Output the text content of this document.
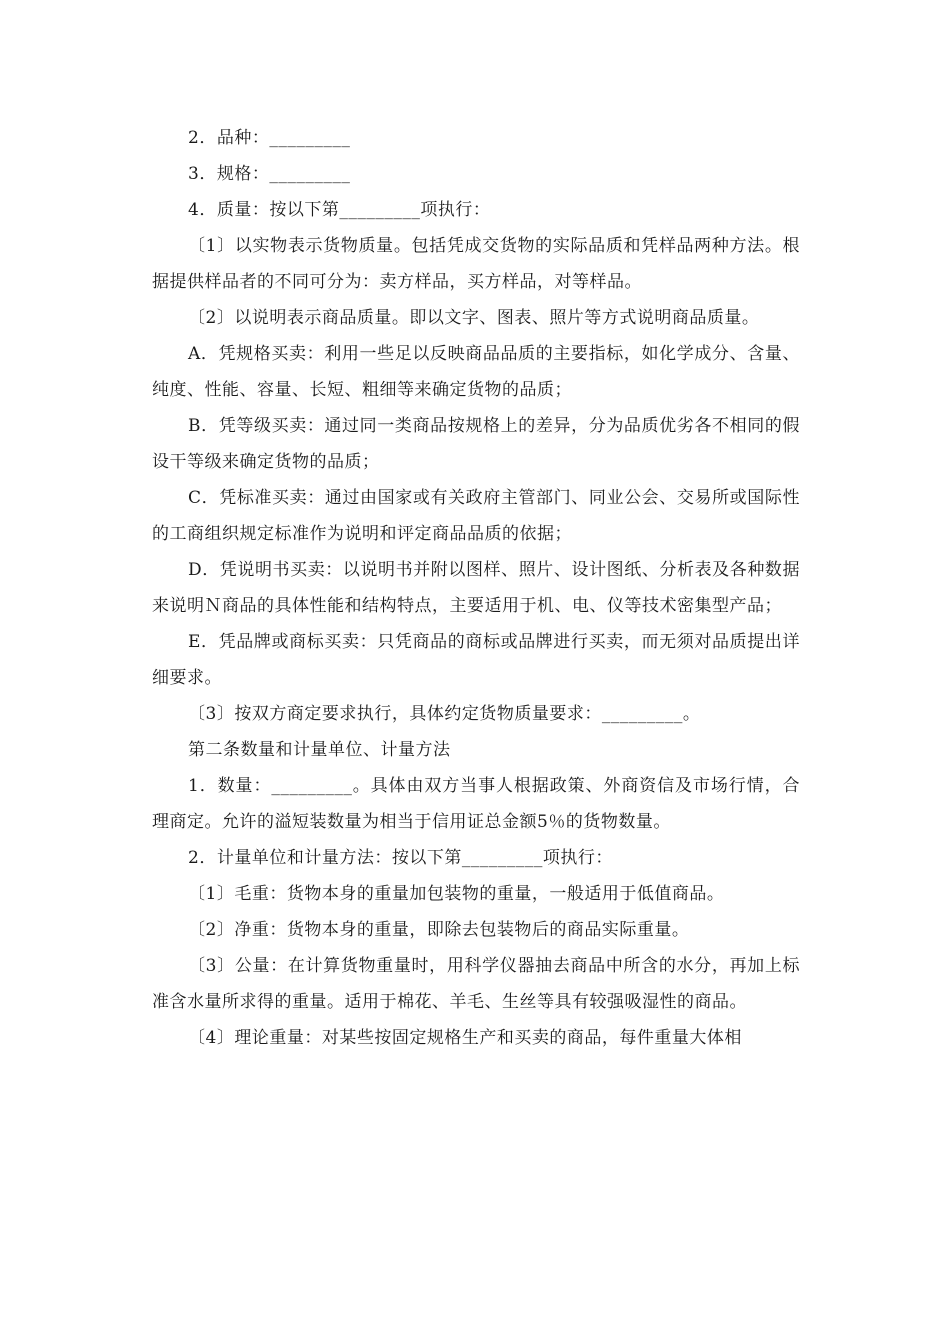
2．品种：_________

3．规格：_________

4．质量：按以下第_________项执行：

〔1〕以实物表示货物质量。包括凭成交货物的实际品质和凭样品两种方法。根据提供样品者的不同可分为：卖方样品，买方样品，对等样品。

〔2〕以说明表示商品质量。即以文字、图表、照片等方式说明商品质量。

A．凭规格买卖：利用一些足以反映商品品质的主要指标，如化学成分、含量、纯度、性能、容量、长短、粗细等来确定货物的品质；

B．凭等级买卖：通过同一类商品按规格上的差异，分为品质优劣各不相同的假设干等级来确定货物的品质；

C．凭标准买卖：通过由国家或有关政府主管部门、同业公会、交易所或国际性的工商组织规定标准作为说明和评定商品品质的依据；

D．凭说明书买卖：以说明书并附以图样、照片、设计图纸、分析表及各种数据来说明Ｎ商品的具体性能和结构特点，主要适用于机、电、仪等技术密集型产品；

E．凭品牌或商标买卖：只凭商品的商标或品牌进行买卖，而无须对品质提出详细要求。

〔3〕按双方商定要求执行，具体约定货物质量要求：_________。

第二条数量和计量单位、计量方法

1．数量：_________。具体由双方当事人根据政策、外商资信及市场行情，合理商定。允许的溢短装数量为相当于信用证总金额5％的货物数量。

2．计量单位和计量方法：按以下第_________项执行：

〔1〕毛重：货物本身的重量加包装物的重量，一般适用于低值商品。

〔2〕净重：货物本身的重量，即除去包装物后的商品实际重量。

〔3〕公量：在计算货物重量时，用科学仪器抽去商品中所含的水分，再加上标准含水量所求得的重量。适用于棉花、羊毛、生丝等具有较强吸湿性的商品。

〔4〕理论重量：对某些按固定规格生产和买卖的商品，每件重量大体相
